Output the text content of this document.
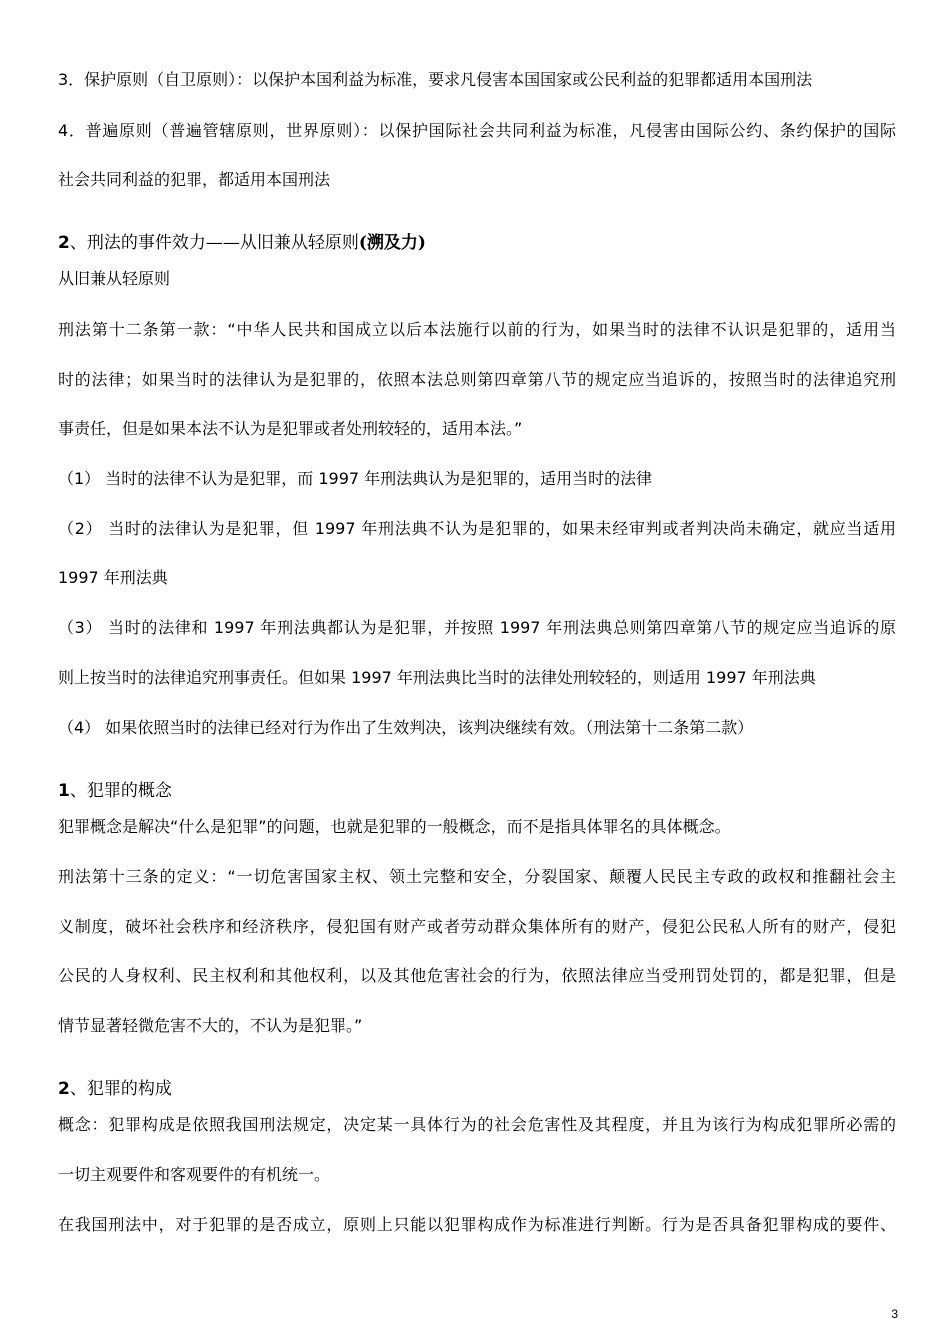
3．保护原则（自卫原则）：以保护本国利益为标准，要求凡侵害本国国家或公民利益的犯罪都适用本国刑法
4．普遍原则（普遍管辖原则，世界原则）：以保护国际社会共同利益为标准，凡侵害由国际公约、条约保护的国际
社会共同利益的犯罪，都适用本国刑法
2、刑法的事件效力——从旧兼从轻原则(溯及力)
从旧兼从轻原则
刑法第十二条第一款：“中华人民共和国成立以后本法施行以前的行为，如果当时的法律不认识是犯罪的，适用当
时的法律；如果当时的法律认为是犯罪的，依照本法总则第四章第八节的规定应当追诉的，按照当时的法律追究刑
事责任，但是如果本法不认为是犯罪或者处刑较轻的，适用本法。”
（1） 当时的法律不认为是犯罪，而 1997 年刑法典认为是犯罪的，适用当时的法律
（2） 当时的法律认为是犯罪，但 1997 年刑法典不认为是犯罪的，如果未经审判或者判决尚未确定，就应当适用
1997 年刑法典
（3） 当时的法律和 1997 年刑法典都认为是犯罪，并按照 1997 年刑法典总则第四章第八节的规定应当追诉的原
则上按当时的法律追究刑事责任。但如果 1997 年刑法典比当时的法律处刑较轻的，则适用 1997 年刑法典
（4） 如果依照当时的法律已经对行为作出了生效判决，该判决继续有效。（刑法第十二条第二款）
1、犯罪的概念
犯罪概念是解决“什么是犯罪”的问题，也就是犯罪的一般概念，而不是指具体罪名的具体概念。
刑法第十三条的定义：“一切危害国家主权、领土完整和安全，分裂国家、颠覆人民民主专政的政权和推翻社会主
义制度，破坏社会秩序和经济秩序，侵犯国有财产或者劳动群众集体所有的财产，侵犯公民私人所有的财产，侵犯
公民的人身权利、民主权利和其他权利，以及其他危害社会的行为，依照法律应当受刑罚处罚的，都是犯罪，但是
情节显著轻微危害不大的，不认为是犯罪。”
2、犯罪的构成
概念：犯罪构成是依照我国刑法规定，决定某一具体行为的社会危害性及其程度，并且为该行为构成犯罪所必需的
一切主观要件和客观要件的有机统一。
在我国刑法中，对于犯罪的是否成立，原则上只能以犯罪构成作为标准进行判断。行为是否具备犯罪构成的要件、
3
